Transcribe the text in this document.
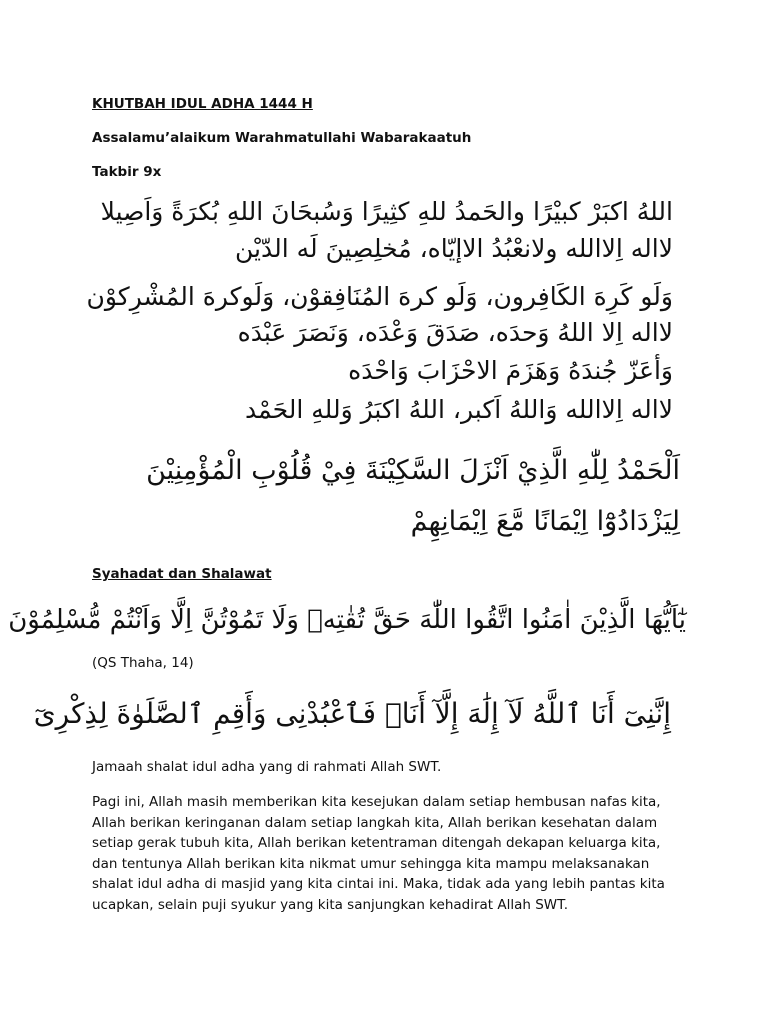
KHUTBAH IDUL ADHA 1444 H
Assalamu’alaikum Warahmatullahi Wabarakaatuh
Takbir 9x
اللهُ اكبَرْ كبيْرًا والحَمدُ للهِ كثِيرًا وَسُبحَانَ اللهِ بُكرَةً وَاَصِيلا
لااله اِلاالله ولانعْبُدُ الاإيّاه، مُخلِصِينَ لَه الدّيْن
وَلَو كَرِهَ الكَافِرون، وَلَو كرهَ المُنَافِقوْن، وَلَوكرهَ المُشْرِكوْن
لااله اِلا اللهُ وَحدَه، صَدَقَ وَعْدَه، وَنَصَرَ عَبْدَه
وَأعَزّ جُندَهُ وَهَزَمَ الاحْزَابَ وَاحْدَه
لااله اِلاالله وَاللهُ اَكبر، اللهُ اكبَرُ وَللهِ الحَمْد
اَلْحَمْدُ لِلّٰهِ الَّذِيْ اَنْزَلَ السَّكِيْنَةَ فِيْ قُلُوْبِ الْمُؤْمِنِيْنَ
لِيَزْدَادُوْٓا اِيْمَانًا مَّعَ اِيْمَانِهِمْ
Syahadat dan Shalawat
يٰٓاَيُّهَا الَّذِيْنَ اٰمَنُوا اتَّقُوا اللّٰهَ حَقَّ تُقٰتِهٖ وَلَا تَمُوْتُنَّ اِلَّا وَاَنْتُمْ مُّسْلِمُوْنَ
(QS Thaha, 14)
إِنَّنِىٓ أَنَا ٱللَّهُ لَآ إِلَٰهَ إِلَّآ أَنَا۠ فَٱعْبُدْنِى وَأَقِمِ ٱلصَّلَوٰةَ لِذِكْرِىٓ
Jamaah shalat idul adha yang di rahmati Allah SWT.
Pagi ini, Allah masih memberikan kita kesejukan dalam setiap hembusan nafas kita, Allah berikan keringanan dalam setiap langkah kita, Allah berikan kesehatan dalam setiap gerak tubuh kita, Allah berikan ketentraman ditengah dekapan keluarga kita, dan tentunya Allah berikan kita nikmat umur sehingga kita mampu melaksanakan shalat idul adha di masjid yang kita cintai ini. Maka, tidak ada yang lebih pantas kita ucapkan, selain puji syukur yang kita sanjungkan kehadirat Allah SWT.
